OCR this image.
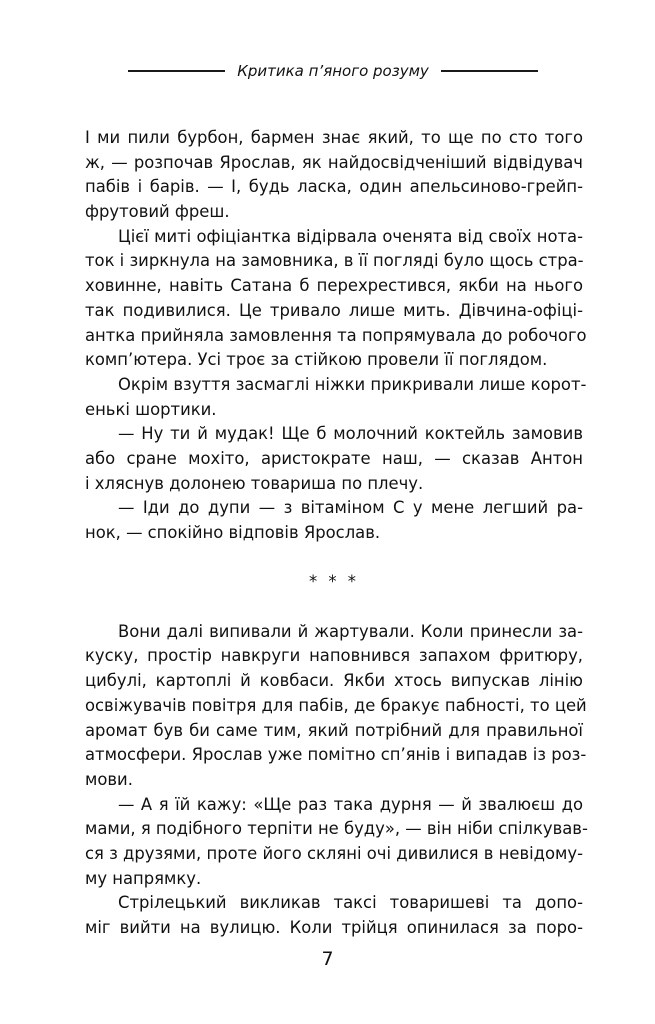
Критика п’яного розуму
І ми пили бурбон, бармен знає який, то ще по сто того
ж, — розпочав Ярослав, як найдосвідченіший відвідувач
пабів і барів. — І, будь ласка, один апельсиново-грейп-
фрутовий фреш.
Цієї миті офіціантка відірвала оченята від своїх нота-
ток і зиркнула на замовника, в її погляді було щось стра-
ховинне, навіть Сатана б перехрестився, якби на нього
так подивилися. Це тривало лише мить. Дівчина-офіці-
антка прийняла замовлення та попрямувала до робочого
комп’ютера. Усі троє за стійкою провели її поглядом.
Окрім взуття засмаглі ніжки прикривали лише корот-
енькі шортики.
— Ну ти й мудак! Ще б молочний коктейль замовив
або сране мохіто, аристократе наш, — сказав Антон
і хляснув долонею товариша по плечу.
— Іди до дупи — з вітаміном С у мене легший ра-
нок, — спокійно відповів Ярослав.
* * *
Вони далі випивали й жартували. Коли принесли за-
куску, простір навкруги наповнився запахом фритюру,
цибулі, картоплі й ковбаси. Якби хтось випускав лінію
освіжувачів повітря для пабів, де бракує пабності, то цей
аромат був би саме тим, який потрібний для правильної
атмосфери. Ярослав уже помітно сп’янів і випадав із роз-
мови.
— А я їй кажу: «Ще раз така дурня — й звалюєш до
мами, я подібного терпіти не буду», — він ніби спілкував-
ся з друзями, проте його скляні очі дивилися в невідому-
му напрямку.
Стрілецький викликав таксі товаришеві та допо-
міг вийти на вулицю. Коли трійця опинилася за поро-
7
